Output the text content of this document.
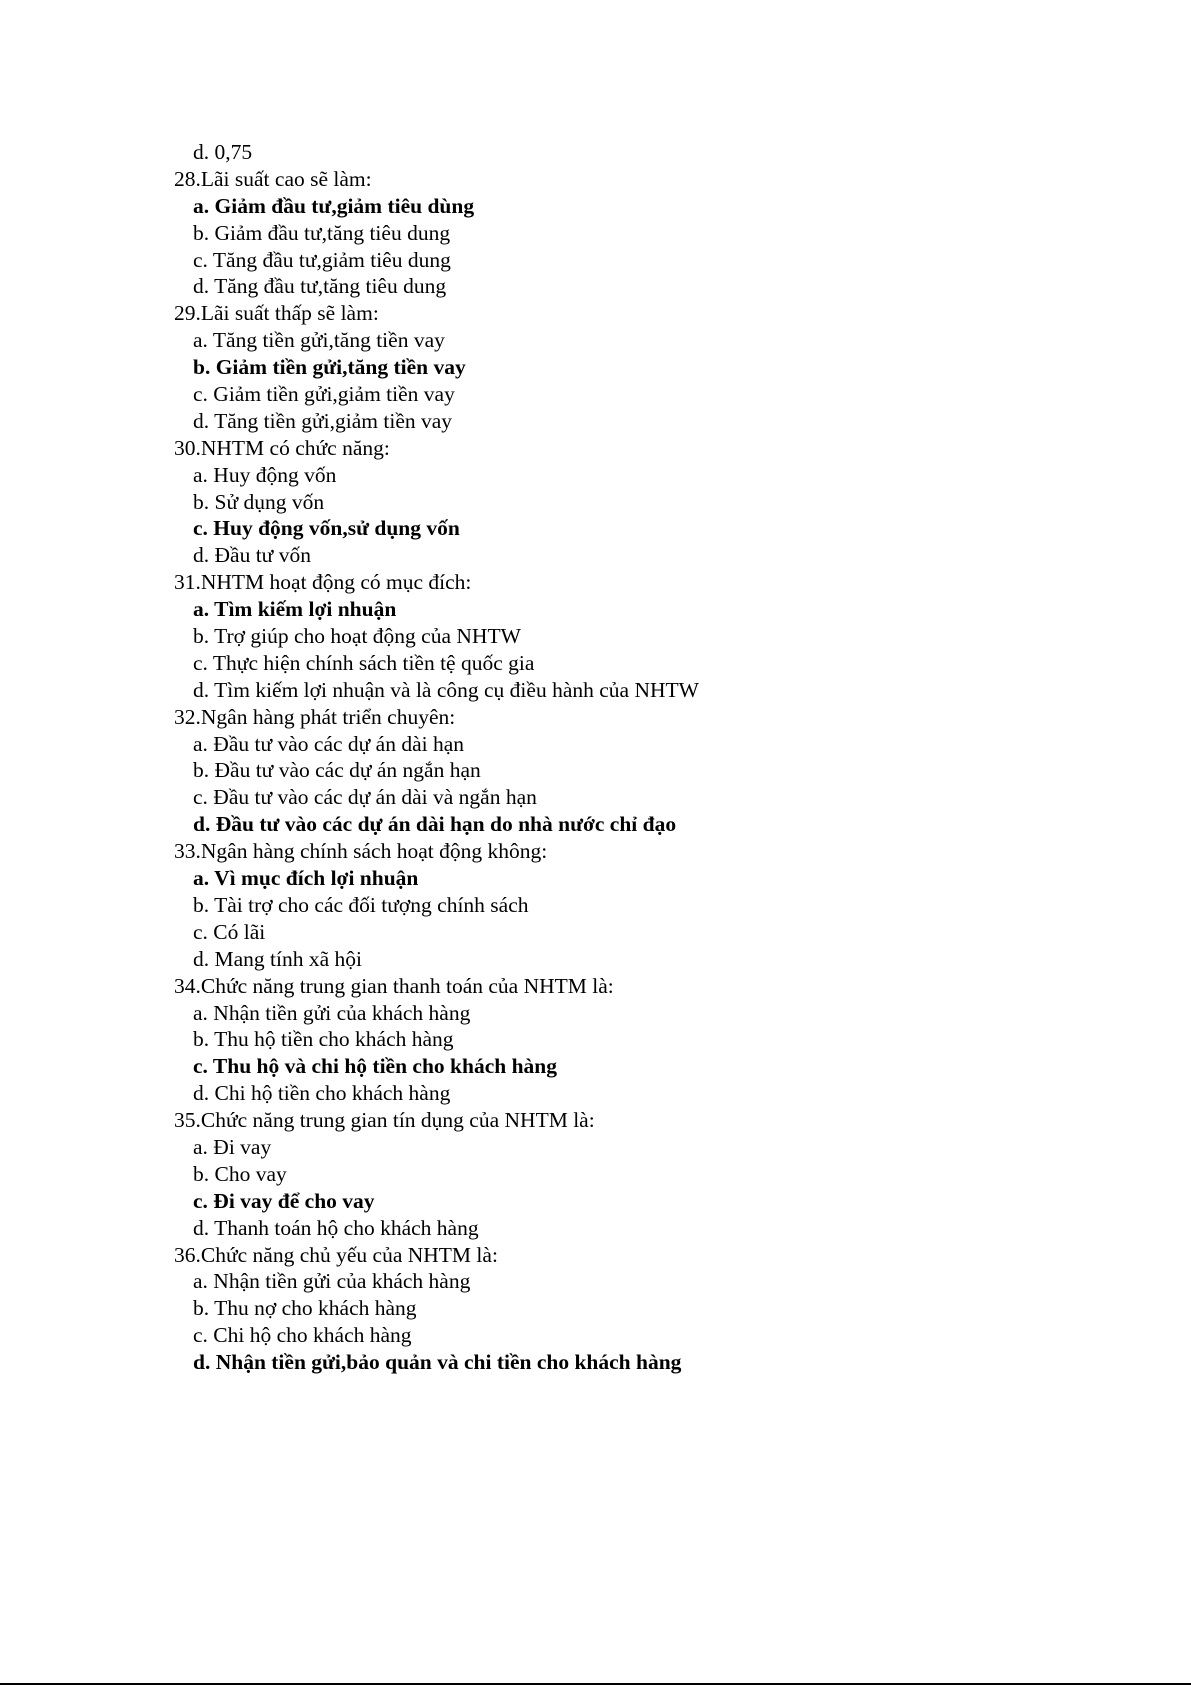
d. 0,75
28.Lãi suất cao sẽ làm:
a. Giảm đầu tư,giảm tiêu dùng
b. Giảm đầu tư,tăng tiêu dung
c. Tăng đầu tư,giảm tiêu dung
d. Tăng đầu tư,tăng tiêu dung
29.Lãi suất thấp sẽ làm:
a. Tăng tiền gửi,tăng tiền vay
b. Giảm tiền gửi,tăng tiền vay
c. Giảm tiền gửi,giảm tiền vay
d. Tăng tiền gửi,giảm tiền vay
30.NHTM có chức năng:
a. Huy động vốn
b. Sử dụng vốn
c. Huy động vốn,sử dụng vốn
d. Đầu tư vốn
31.NHTM hoạt động có mục đích:
a. Tìm kiếm lợi nhuận
b. Trợ giúp cho hoạt động của NHTW
c. Thực hiện chính sách tiền tệ quốc gia
d. Tìm kiếm lợi nhuận và là công cụ điều hành của NHTW
32.Ngân hàng phát triển chuyên:
a. Đầu tư vào các dự án dài hạn
b. Đầu tư vào các dự án ngắn hạn
c. Đầu tư vào các dự án dài và ngắn hạn
d. Đầu tư vào các dự án dài hạn do nhà nước chỉ đạo
33.Ngân hàng chính sách hoạt động không:
a. Vì mục đích lợi nhuận
b. Tài trợ cho các đối tượng chính sách
c. Có lãi
d. Mang tính xã hội
34.Chức năng trung gian thanh toán của NHTM là:
a. Nhận tiền gửi của khách hàng
b. Thu hộ tiền cho khách hàng
c. Thu hộ và chi hộ tiền cho khách hàng
d. Chi hộ tiền cho khách hàng
35.Chức năng trung gian tín dụng của NHTM là:
a. Đi vay
b. Cho vay
c. Đi vay để cho vay
d. Thanh toán hộ cho khách hàng
36.Chức năng chủ yếu của NHTM là:
a. Nhận tiền gửi của khách hàng
b. Thu nợ cho khách hàng
c. Chi hộ cho khách hàng
d. Nhận tiền gửi,bảo quản và chi tiền cho khách hàng
